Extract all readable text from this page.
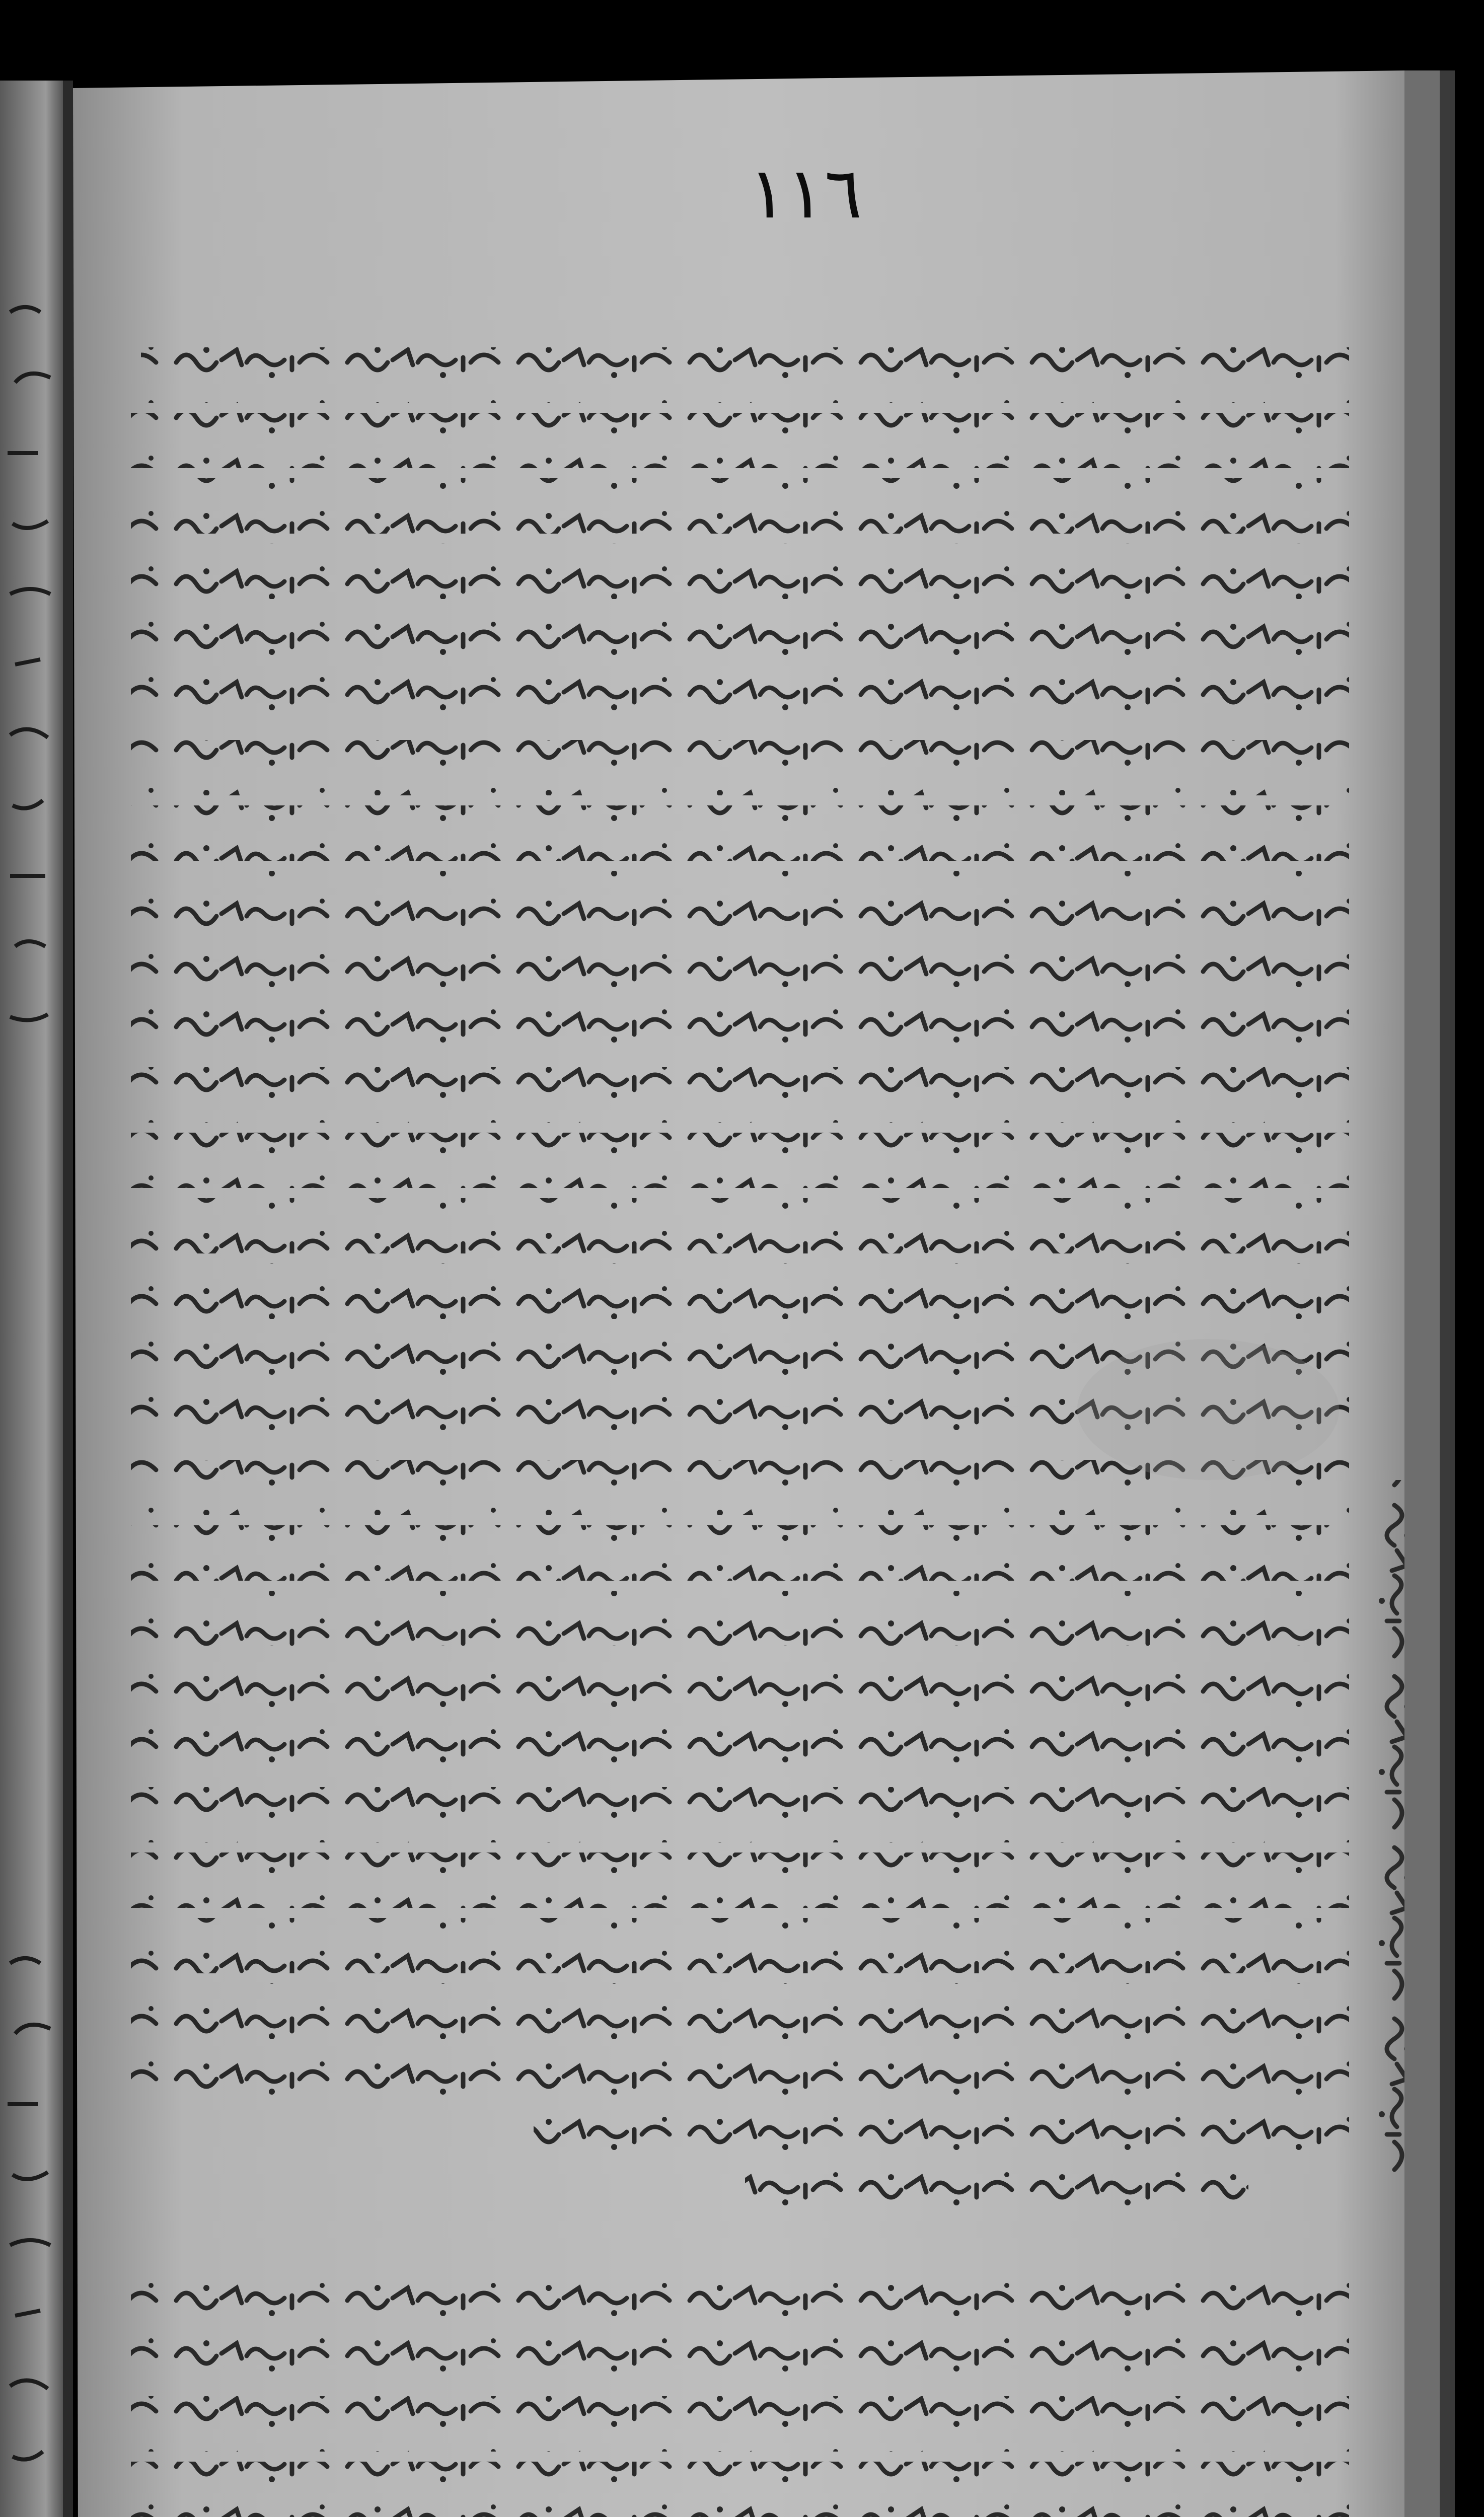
١١٦
